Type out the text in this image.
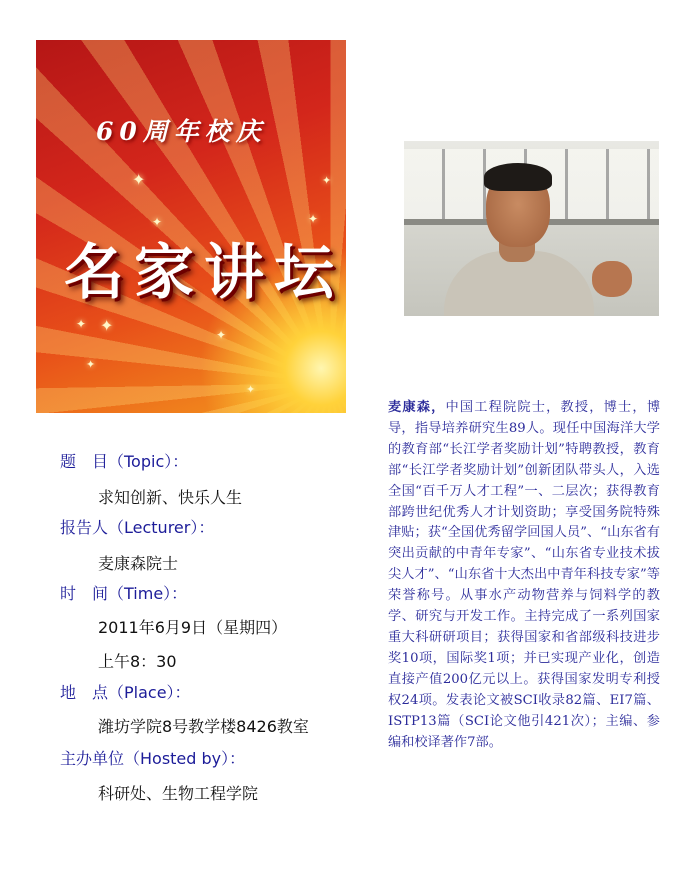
✦
✦
✦
✦
✦
✦
✦
✦
✦
60周年校庆
名家讲坛
题　目（Topic）：
求知创新、快乐人生
报告人（Lecturer）：
麦康森院士
时　间（Time）：
2011年6月9日（星期四）
上午8：30
地　点（Place）：
潍坊学院8号教学楼8426教室
主办单位（Hosted by）：
科研处、生物工程学院
麦康森，中国工程院院士，教授，博士，博导，指导培养研究生89人。现任中国海洋大学的教育部“长江学者奖励计划”特聘教授，教育部“长江学者奖励计划”创新团队带头人，入选全国“百千万人才工程”一、二层次；获得教育部跨世纪优秀人才计划资助；享受国务院特殊津贴；获“全国优秀留学回国人员”、“山东省有突出贡献的中青年专家”、“山东省专业技术拔尖人才”、“山东省十大杰出中青年科技专家”等荣誉称号。从事水产动物营养与饲料学的教学、研究与开发工作。主持完成了一系列国家重大科研研项目；获得国家和省部级科技进步奖10项，国际奖1项；并已实现产业化，创造直接产值200亿元以上。获得国家发明专利授权24项。发表论文被SCI收录82篇、EI7篇、ISTP13篇（SCI论文他引421次）；主编、参编和校译著作7部。
